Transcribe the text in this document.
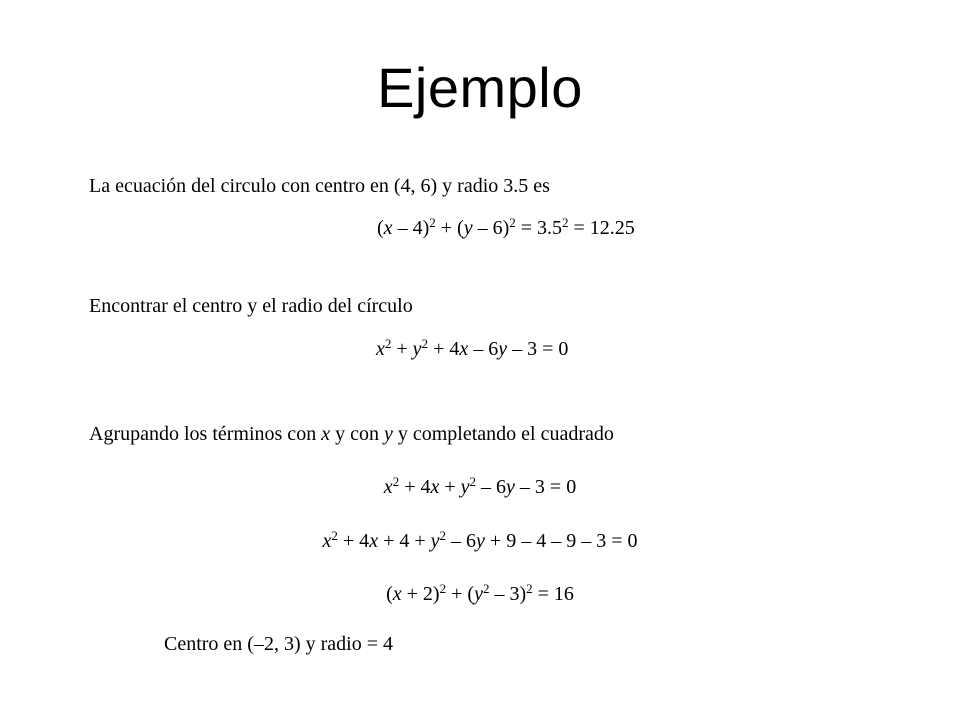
Ejemplo
La ecuación del circulo con centro en (4, 6) y radio 3.5 es
$(x - 4)^2 + (y - 6)^2 = 3.5^2 = 12.25$
Encontrar el centro y el radio del círculo
$x^2 + y^2 + 4x - 6y - 3 = 0$
Agrupando los términos con x y con y y completando el cuadrado
$x^2 + 4x + y^2 - 6y - 3 = 0$
$x^2 + 4x + 4 + y^2 - 6y + 9 - 4 - 9 - 3 = 0$
$(x + 2)^2 + (y^2 - 3)^2 = 16$
Centro en (–2, 3) y radio = 4
